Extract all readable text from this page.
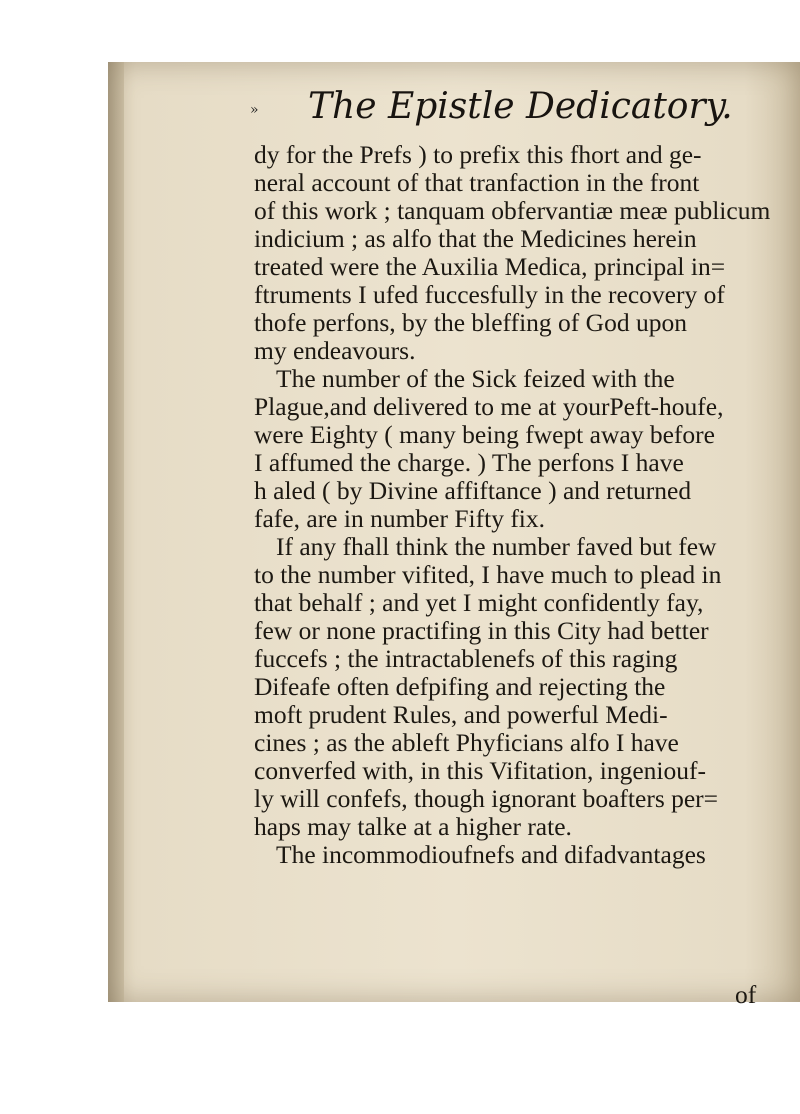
» The Epistle Dedicatory.
dy for the Prefs ) to prefix this fhort and ge-
neral account of that tranfaction in the front
of this work ; tanquam obfervantiæ meæ publicum
indicium ; as alfo that the Medicines herein
treated were the Auxilia Medica, principal in=
ftruments I ufed fuccesfully in the recovery of
thofe perfons, by the bleffing of God upon
my endeavours.
The number of the Sick feized with the
Plague,and delivered to me at yourPeft-houfe,
were Eighty ( many being fwept away before
I affumed the charge. ) The perfons I have
h aled ( by Divine affiftance ) and returned
fafe, are in number Fifty fix.
If any fhall think the number faved but few
to the number vifited, I have much to plead in
that behalf ; and yet I might confidently fay,
few or none practifing in this City had better
fuccefs ; the intractablenefs of this raging
Difeafe often defpifing and rejecting the
moft prudent Rules, and powerful Medi-
cines ; as the ableft Phyficians alfo I have
converfed with, in this Vifitation, ingeniouf-
ly will confefs, though ignorant boafters per=
haps may talke at a higher rate.
The incommodioufnefs and difadvantages
of
